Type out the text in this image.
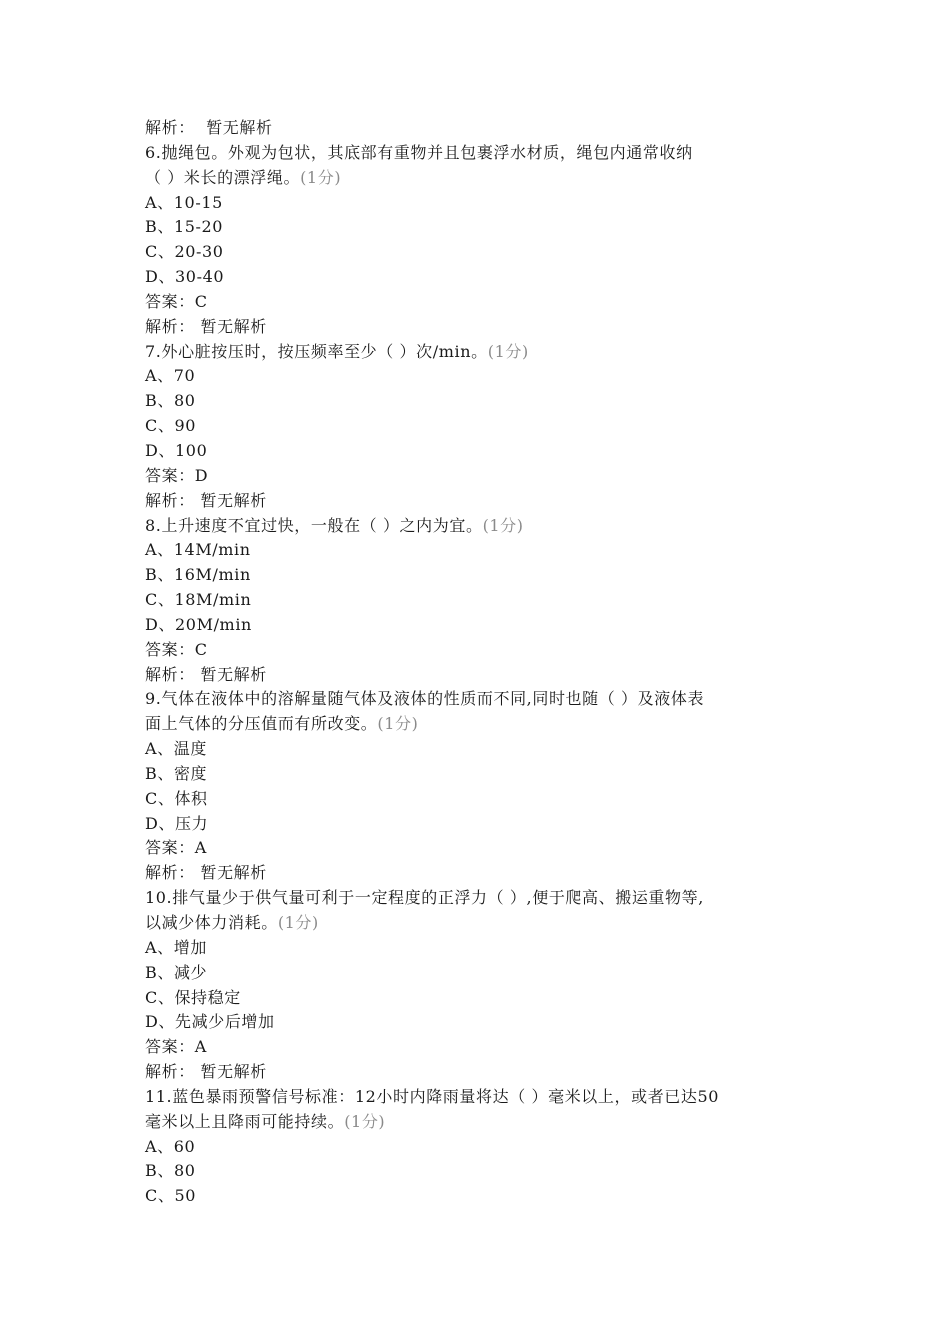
解析： 暂无解析
6.抛绳包。外观为包状，其底部有重物并且包裹浮水材质，绳包内通常收纳
（ ）米长的漂浮绳。(1分)
A、10-15
B、15-20
C、20-30
D、30-40
答案：C
解析： 暂无解析
7.外心脏按压时，按压频率至少（ ）次/min。(1分)
A、70
B、80
C、90
D、100
答案：D
解析： 暂无解析
8.上升速度不宜过快，一般在（ ）之内为宜。(1分)
A、14M/min
B、16M/min
C、18M/min
D、20M/min
答案：C
解析： 暂无解析
9.气体在液体中的溶解量随气体及液体的性质而不同,同时也随（ ）及液体表
面上气体的分压值而有所改变。(1分)
A、温度
B、密度
C、体积
D、压力
答案：A
解析： 暂无解析
10.排气量少于供气量可利于一定程度的正浮力（ ）,便于爬高、搬运重物等,
以减少体力消耗。(1分)
A、增加
B、减少
C、保持稳定
D、先减少后增加
答案：A
解析： 暂无解析
11.蓝色暴雨预警信号标准：12小时内降雨量将达（ ）毫米以上，或者已达50
毫米以上且降雨可能持续。(1分)
A、60
B、80
C、50
